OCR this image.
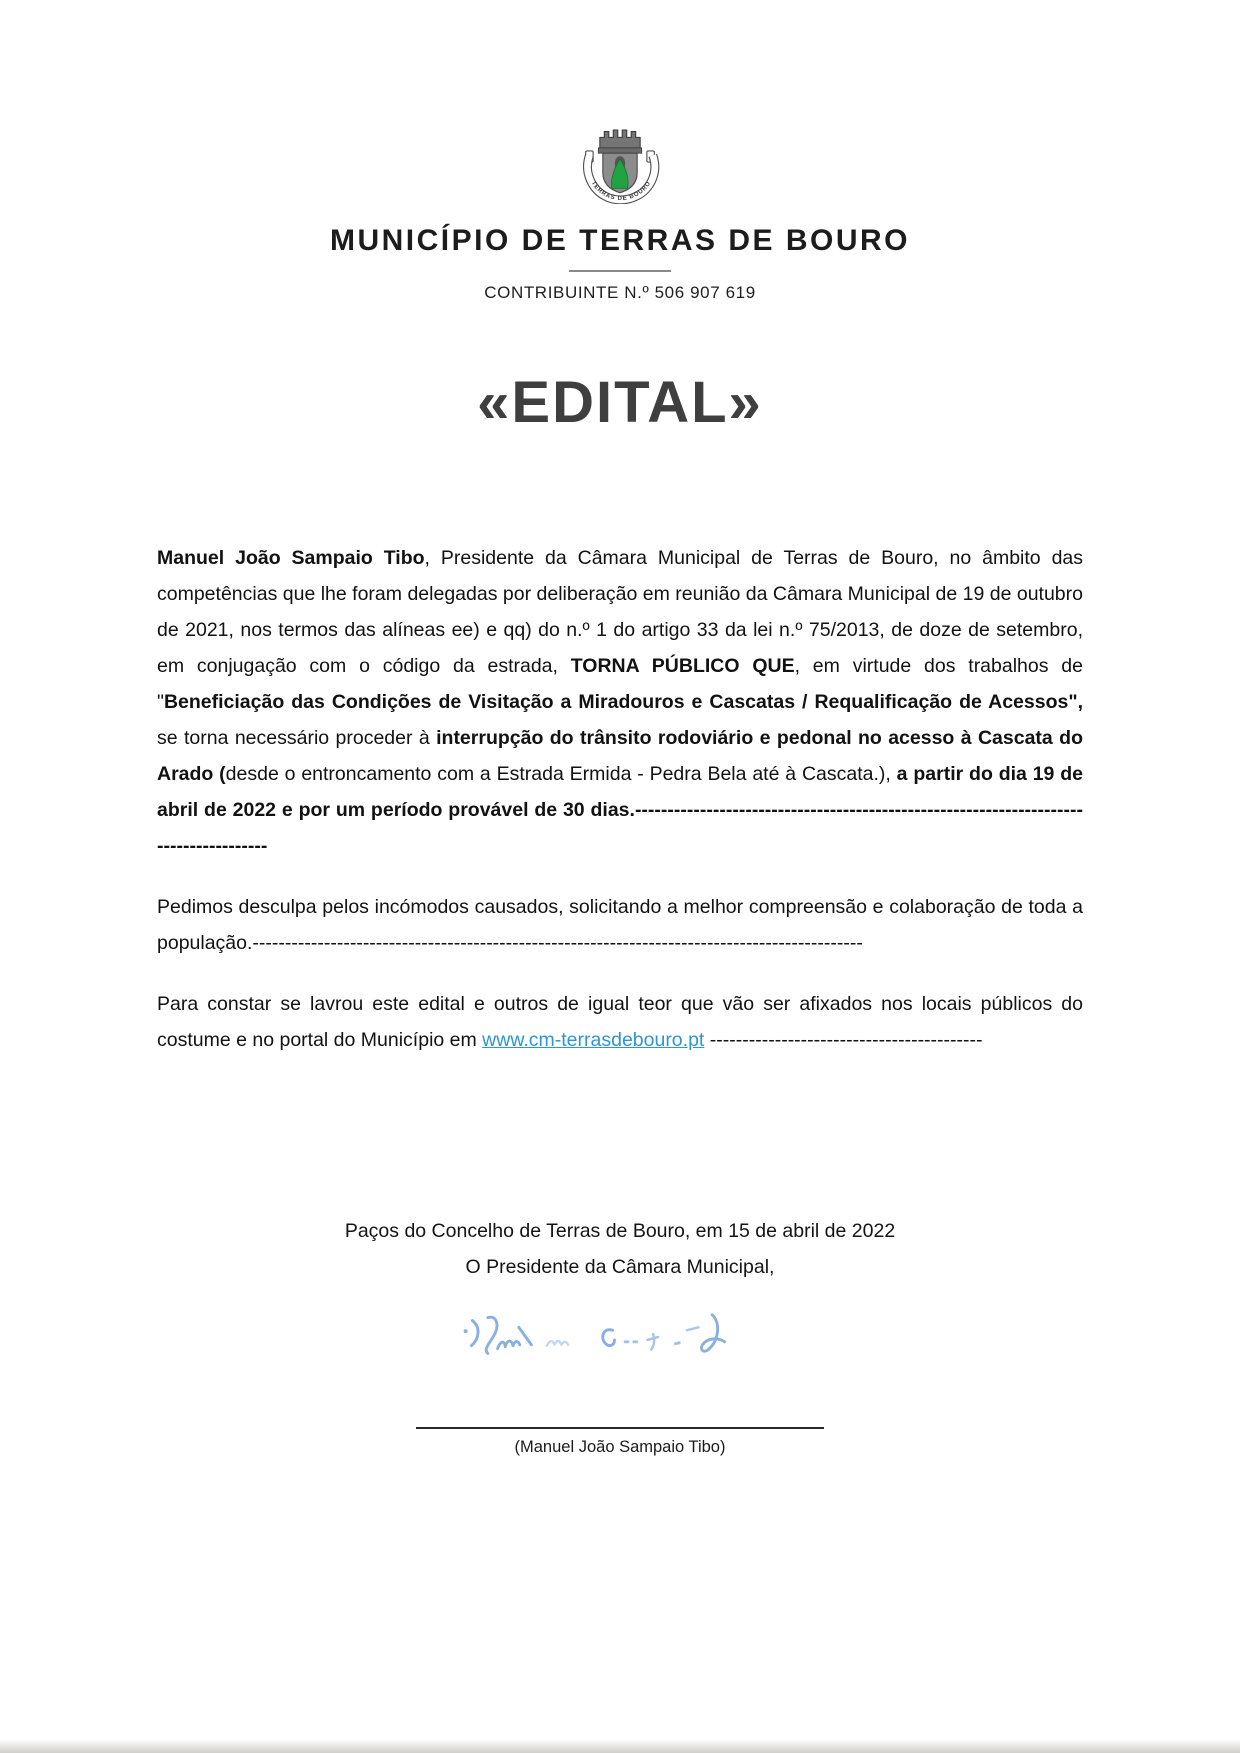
TERRAS DE BOURO
MUNICÍPIO DE TERRAS DE BOURO
CONTRIBUINTE N.º 506 907 619
«EDITAL»

Manuel João Sampaio Tibo, Presidente da Câmara Municipal de Terras de Bouro, no âmbito das competências que lhe foram delegadas por deliberação em reunião da Câmara Municipal de 19 de outubro de 2021, nos termos das alíneas ee) e qq) do n.º 1 do artigo 33 da lei n.º 75/2013, de doze de setembro, em conjugação com o código da estrada, TORNA PÚBLICO QUE, em virtude dos trabalhos de "Beneficiação das Condições de Visitação a Miradouros e Cascatas / Requalificação de Acessos", se torna necessário proceder à interrupção do trânsito rodoviário e pedonal no acesso à Cascata do Arado (desde o entroncamento com a Estrada Ermida - Pedra Bela até à Cascata.), a partir do dia 19 de abril de 2022 e por um período provável de 30 dias.--------------------------------------------------------------------------------------

Pedimos desculpa pelos incómodos causados, solicitando a melhor compreensão e colaboração de toda a população.----------------------------------------------------------------------------------------------

Para constar se lavrou este edital e outros de igual teor que vão ser afixados nos locais públicos do costume e no portal do Município em www.cm-terrasdebouro.pt ------------------------------------------

Paços do Concelho de Terras de Bouro, em 15 de abril de 2022
O Presidente da Câmara Municipal,
(Manuel João Sampaio Tibo)
